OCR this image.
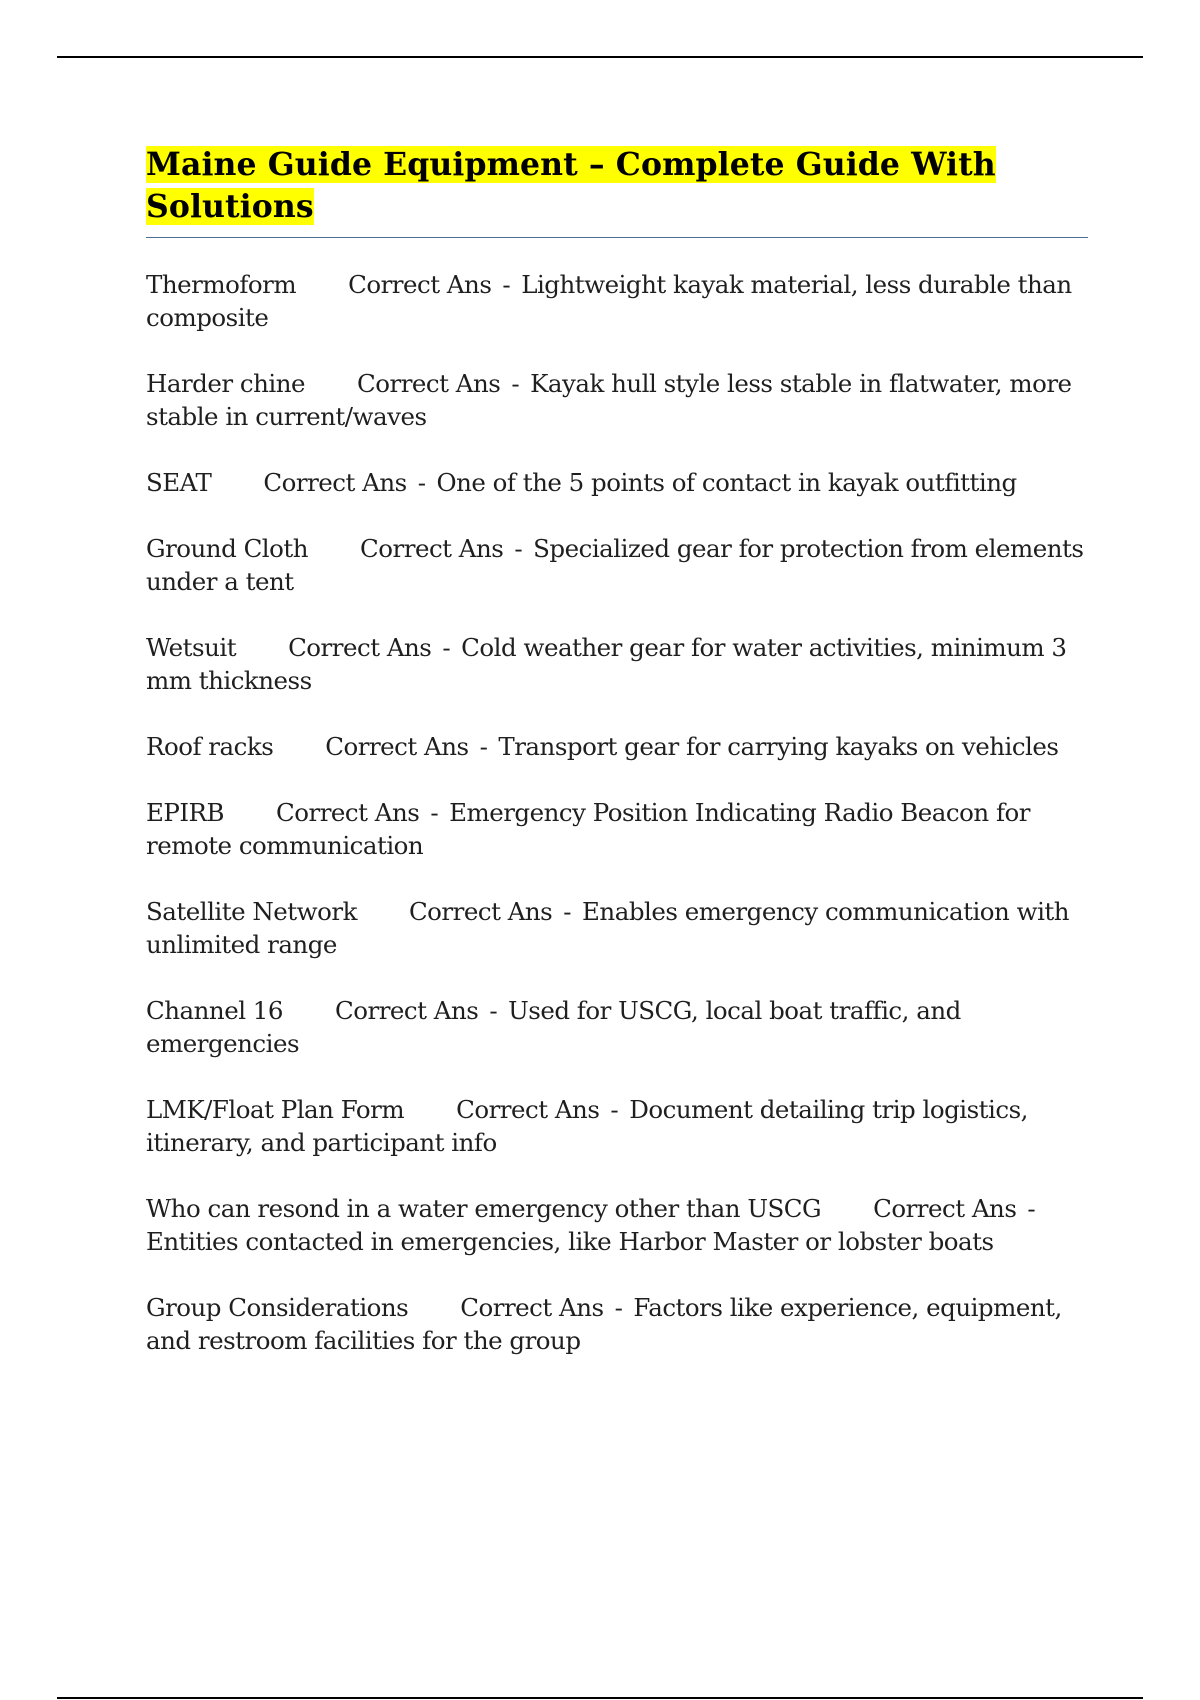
Maine Guide Equipment – Complete Guide With Solutions
Thermoform Correct Ans - Lightweight kayak material, less durable than composite
Harder chine Correct Ans - Kayak hull style less stable in flatwater, more stable in current/waves
SEAT Correct Ans - One of the 5 points of contact in kayak outfitting
Ground Cloth Correct Ans - Specialized gear for protection from elements under a tent
Wetsuit Correct Ans - Cold weather gear for water activities, minimum 3 mm thickness
Roof racks Correct Ans - Transport gear for carrying kayaks on vehicles
EPIRB Correct Ans - Emergency Position Indicating Radio Beacon for remote communication
Satellite Network Correct Ans - Enables emergency communication with unlimited range
Channel 16 Correct Ans - Used for USCG, local boat traffic, and emergencies
LMK/Float Plan Form Correct Ans - Document detailing trip logistics, itinerary, and participant info
Who can resond in a water emergency other than USCG Correct Ans -Entities contacted in emergencies, like Harbor Master or lobster boats
Group Considerations Correct Ans - Factors like experience, equipment, and restroom facilities for the group
